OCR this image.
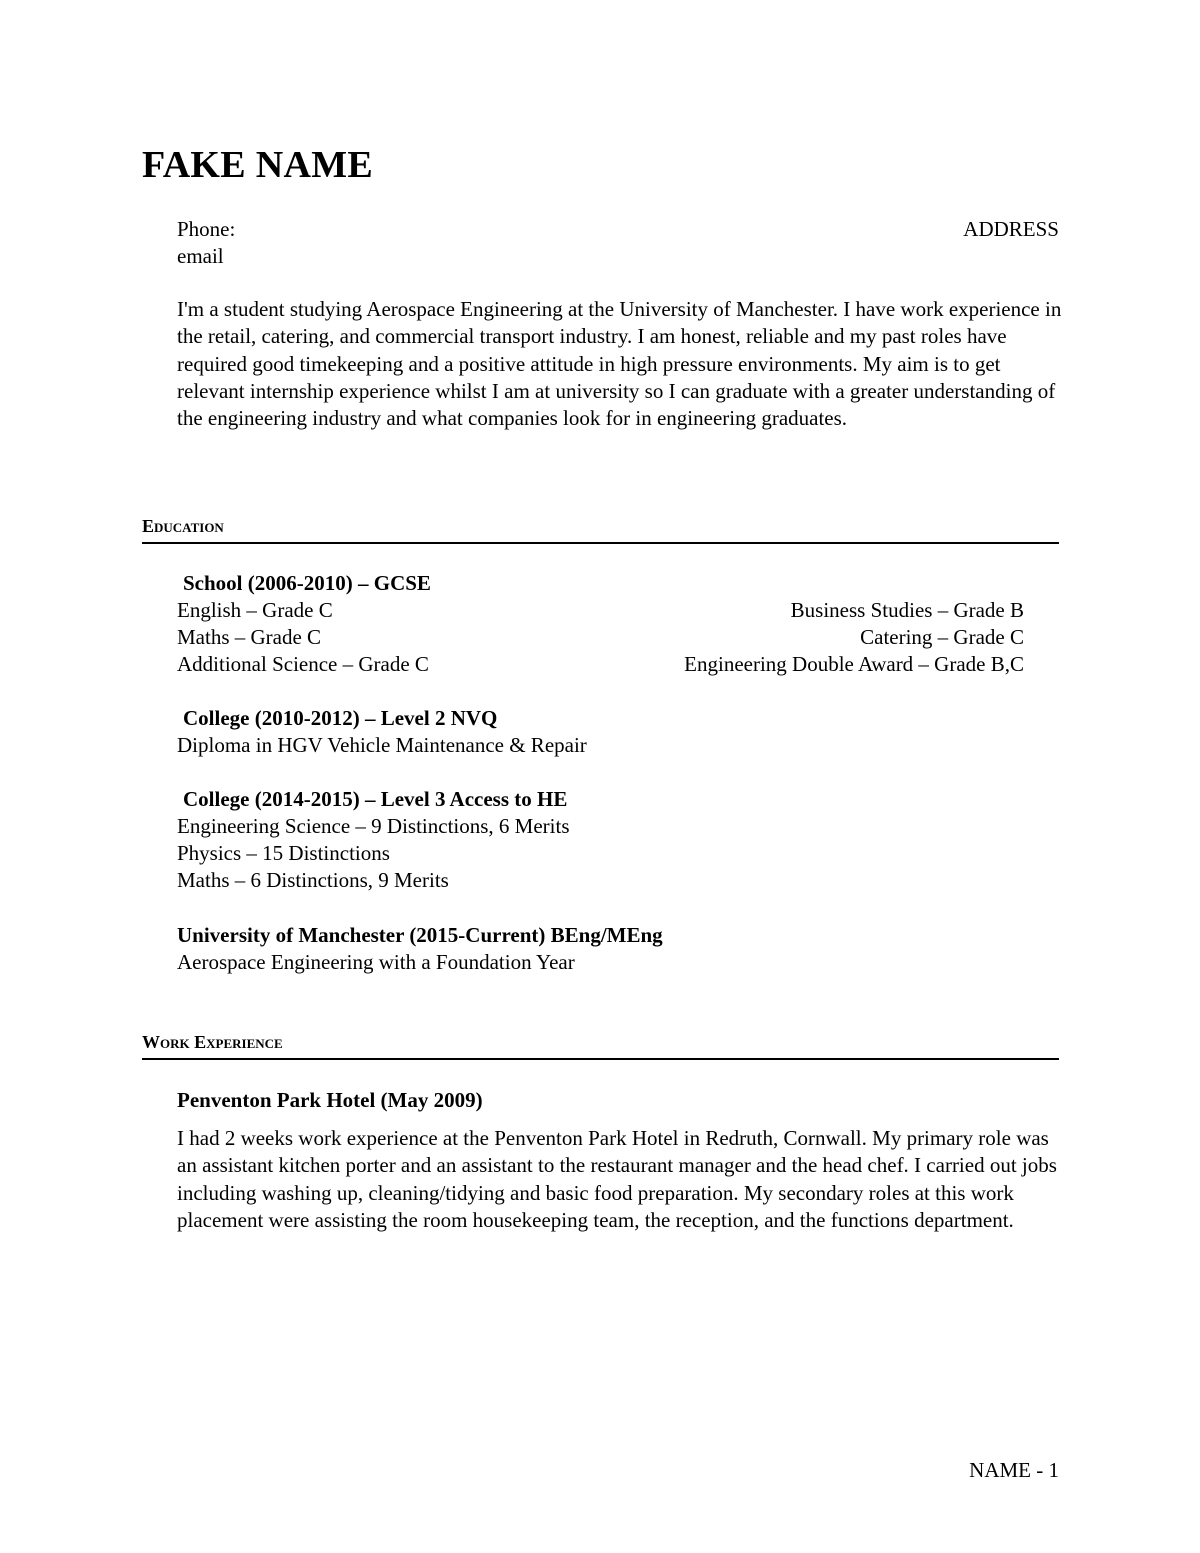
FAKE NAME
Phone:	ADDRESS
email
I'm a student studying Aerospace Engineering at the University of Manchester. I have work experience in the retail, catering, and commercial transport industry. I am honest, reliable and my past roles have required good timekeeping and a positive attitude in high pressure environments. My aim is to get relevant internship experience whilst I am at university so I can graduate with a greater understanding of the engineering industry and what companies look for in engineering graduates.
Education
School (2006-2010) – GCSE
English – Grade C	Business Studies – Grade B
Maths – Grade C	Catering – Grade C
Additional Science – Grade C	Engineering Double Award – Grade B,C
College (2010-2012) – Level 2 NVQ
Diploma in HGV Vehicle Maintenance & Repair
College (2014-2015) – Level 3 Access to HE
Engineering Science – 9 Distinctions, 6 Merits
Physics – 15 Distinctions
Maths – 6 Distinctions, 9 Merits
University of Manchester (2015-Current) BEng/MEng
Aerospace Engineering with a Foundation Year
Work Experience
Penventon Park Hotel (May 2009)
I had 2 weeks work experience at the Penventon Park Hotel in Redruth, Cornwall. My primary role was an assistant kitchen porter and an assistant to the restaurant manager and the head chef. I carried out jobs including washing up, cleaning/tidying and basic food preparation. My secondary roles at this work placement were assisting the room housekeeping team, the reception, and the functions department.
NAME - 1
